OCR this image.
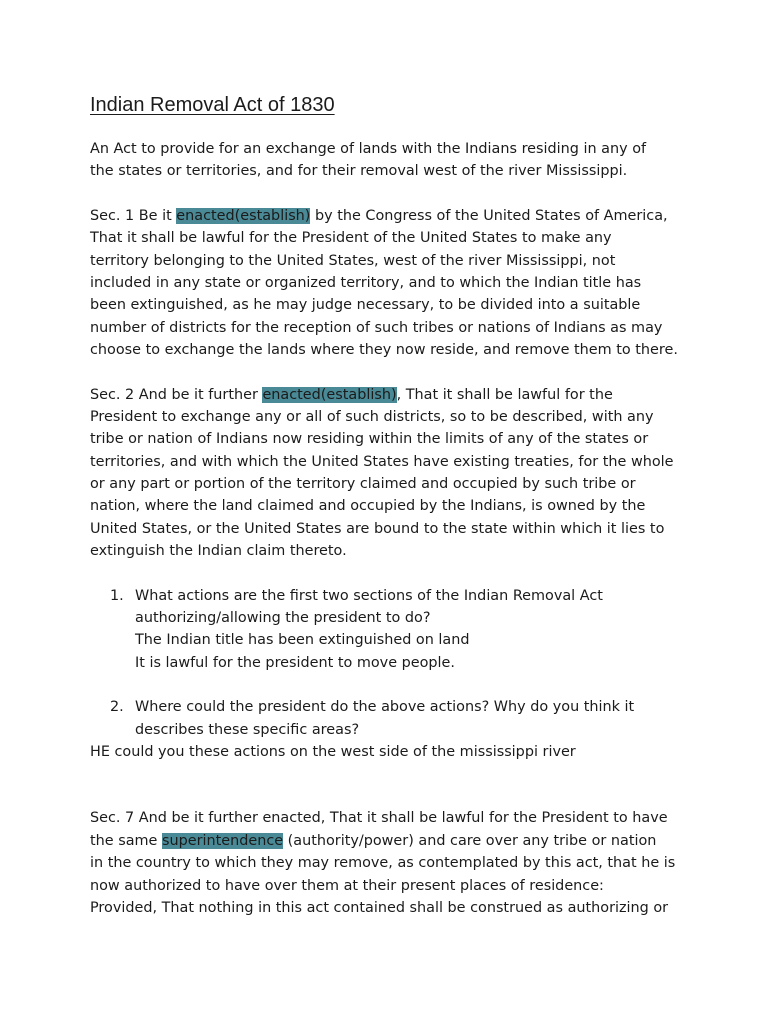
Indian Removal Act of 1830
An Act to provide for an exchange of lands with the Indians residing in any of
the states or territories, and for their removal west of the river Mississippi.
Sec. 1 Be it enacted(establish) by the Congress of the United States of America,
That it shall be lawful for the President of the United States to make any
territory belonging to the United States, west of the river Mississippi, not
included in any state or organized territory, and to which the Indian title has
been extinguished, as he may judge necessary, to be divided into a suitable
number of districts for the reception of such tribes or nations of Indians as may
choose to exchange the lands where they now reside, and remove them to there.
Sec. 2 And be it further enacted(establish), That it shall be lawful for the
President to exchange any or all of such districts, so to be described, with any
tribe or nation of Indians now residing within the limits of any of the states or
territories, and with which the United States have existing treaties, for the whole
or any part or portion of the territory claimed and occupied by such tribe or
nation, where the land claimed and occupied by the Indians, is owned by the
United States, or the United States are bound to the state within which it lies to
extinguish the Indian claim thereto.
1. What actions are the first two sections of the Indian Removal Act
authorizing/allowing the president to do?
The Indian title has been extinguished on land
It is lawful for the president to move people.
2. Where could the president do the above actions? Why do you think it
describes these specific areas?
HE could you these actions on the west side of the mississippi river
Sec. 7 And be it further enacted, That it shall be lawful for the President to have
the same superintendence (authority/power) and care over any tribe or nation
in the country to which they may remove, as contemplated by this act, that he is
now authorized to have over them at their present places of residence:
Provided, That nothing in this act contained shall be construed as authorizing or
